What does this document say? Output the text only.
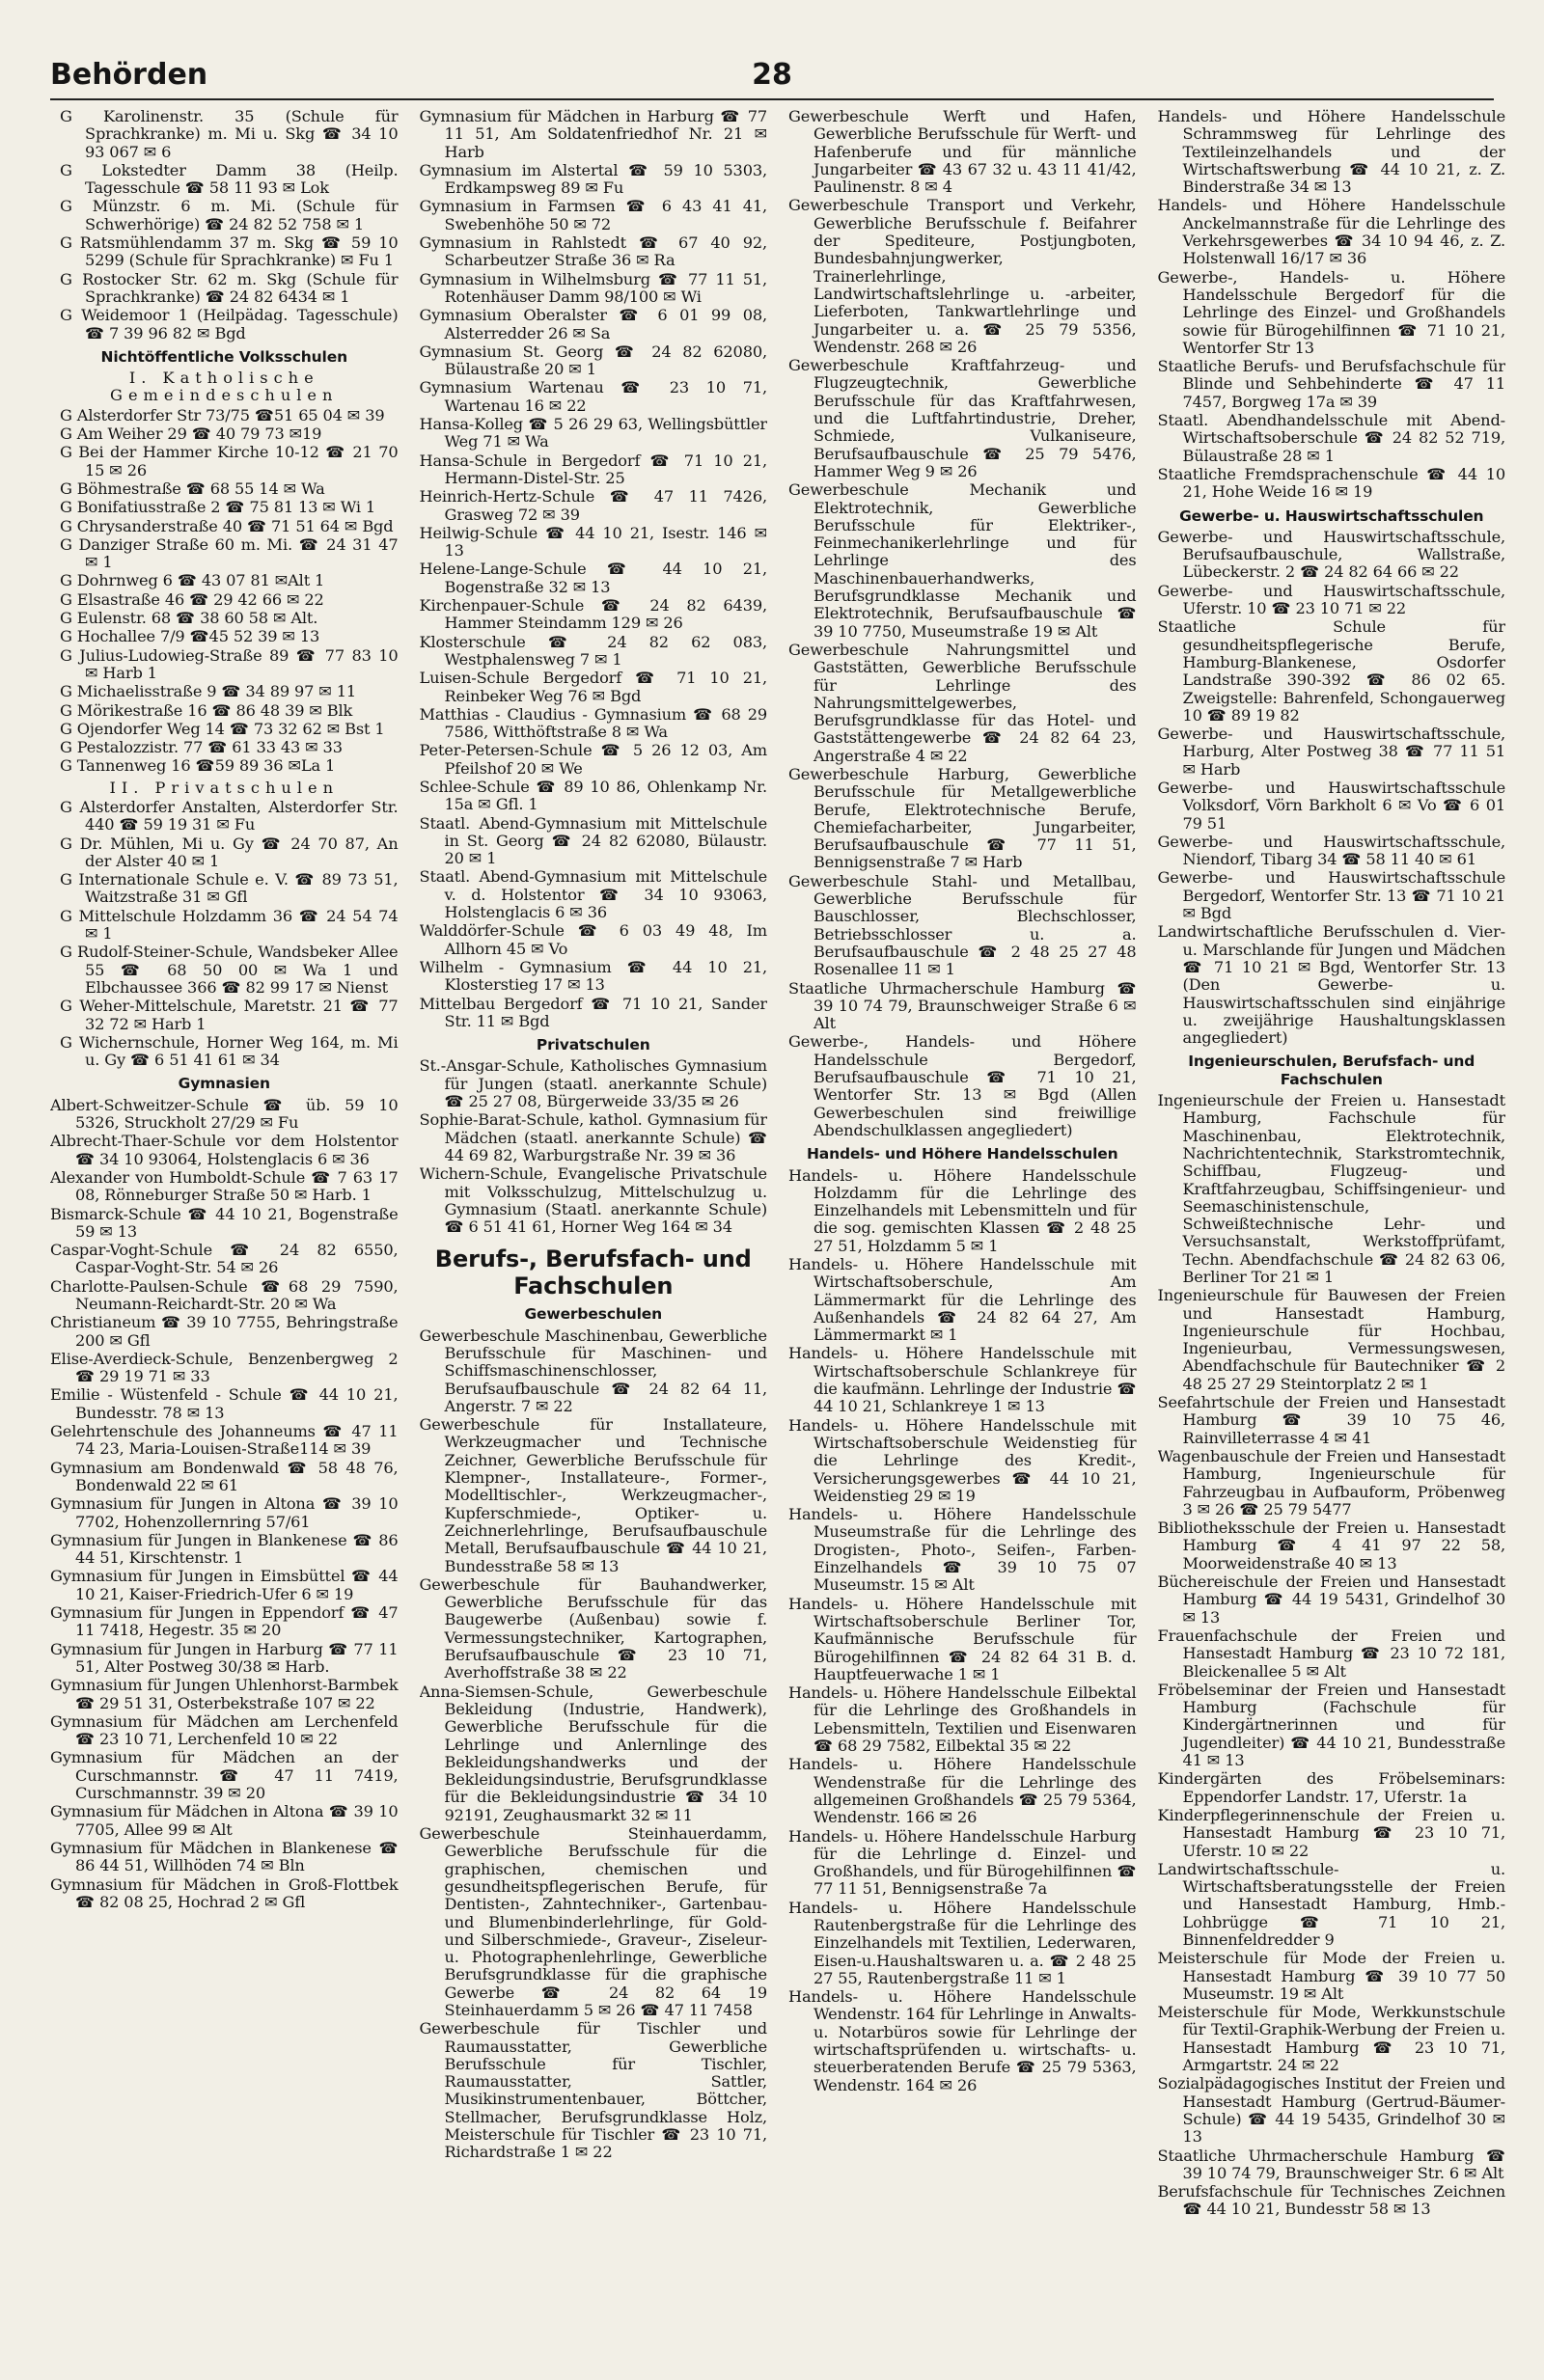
Behörden	28
G Karolinenstr. 35 (Schule für Sprachkranke) m. Mi u. Skg ☎ 34 10 93 067 ✉ 6
G Lokstedter Damm 38 (Heilp. Tagesschule ☎ 58 11 93 ✉ Lok
G Münzstr. 6 m. Mi. (Schule für Schwerhörige) ☎ 24 82 52 758 ✉ 1
G Ratsmühlendamm 37 m. Skg ☎ 59 10 5299 (Schule für Sprachkranke) ✉ Fu 1
G Rostocker Str. 62 m. Skg (Schule für Sprachkranke) ☎ 24 82 6434 ✉ 1
G Weidemoor 1 (Heilpädag. Tagesschule) ☎ 7 39 96 82 ✉ Bgd
Nichtöffentliche Volksschulen
I. Katholische Gemeindeschulen
G Alsterdorfer Str 73/75 ☎51 65 04 ✉ 39
G Am Weiher 29 ☎ 40 79 73 ✉19
G Bei der Hammer Kirche 10-12 ☎ 21 70 15 ✉ 26
G Böhmestraße ☎ 68 55 14 ✉ Wa
G Bonifatiusstraße 2 ☎ 75 81 13 ✉ Wi 1
G Chrysanderstraße 40 ☎ 71 51 64 ✉ Bgd
G Danziger Straße 60 m. Mi. ☎ 24 31 47 ✉ 1
G Dohrnweg 6 ☎ 43 07 81 ✉Alt 1
G Elsastraße 46 ☎ 29 42 66 ✉ 22
G Eulenstr. 68 ☎ 38 60 58 ✉ Alt.
G Hochallee 7/9 ☎45 52 39 ✉ 13
G Julius-Ludowieg-Straße 89 ☎ 77 83 10 ✉ Harb 1
G Michaelisstraße 9 ☎ 34 89 97 ✉ 11
G Mörikestraße 16 ☎ 86 48 39 ✉ Blk
G Ojendorfer Weg 14 ☎ 73 32 62 ✉ Bst 1
G Pestalozzistr. 77 ☎ 61 33 43 ✉ 33
G Tannenweg 16 ☎59 89 36 ✉La 1
II. Privatschulen
G Alsterdorfer Anstalten, Alsterdorfer Str. 440 ☎ 59 19 31 ✉ Fu
G Dr. Mühlen, Mi u. Gy ☎ 24 70 87, An der Alster 40 ✉ 1
G Internationale Schule e. V. ☎ 89 73 51, Waitzstraße 31 ✉ Gfl
G Mittelschule Holzdamm 36 ☎ 24 54 74 ✉ 1
G Rudolf-Steiner-Schule, Wandsbeker Allee 55 ☎ 68 50 00 ✉ Wa 1 und Elbchaussee 366 ☎ 82 99 17 ✉ Nienst
G Weher-Mittelschule, Maretstr. 21 ☎ 77 32 72 ✉ Harb 1
G Wichernschule, Horner Weg 164, m. Mi u. Gy ☎ 6 51 41 61 ✉ 34
Gymnasien
Albert-Schweitzer-Schule ☎ üb. 59 10 5326, Struckholt 27/29 ✉ Fu
Albrecht-Thaer-Schule vor dem Holstentor ☎ 34 10 93064, Holstenglacis 6 ✉ 36
Alexander von Humboldt-Schule ☎ 7 63 17 08, Rönneburger Straße 50 ✉ Harb. 1
Bismarck-Schule ☎ 44 10 21, Bogenstraße 59 ✉ 13
Caspar-Voght-Schule ☎ 24 82 6550, Caspar-Voght-Str. 54 ✉ 26
Charlotte-Paulsen-Schule ☎68 29 7590, Neumann-Reichardt-Str. 20 ✉ Wa
Christianeum ☎ 39 10 7755, Behringstraße 200 ✉ Gfl
Elise-Averdieck-Schule, Benzenbergweg 2 ☎ 29 19 71 ✉ 33
Emilie - Wüstenfeld - Schule ☎ 44 10 21, Bundesstr. 78 ✉ 13
Gelehrtenschule des Johanneums ☎ 47 11 74 23, Maria-Louisen-Straße114 ✉ 39
Gymnasium am Bondenwald ☎ 58 48 76, Bondenwald 22 ✉ 61
Gymnasium für Jungen in Altona ☎ 39 10 7702, Hohenzollernring 57/61
Gymnasium für Jungen in Blankenese ☎ 86 44 51, Kirschtenstr. 1
Gymnasium für Jungen in Eimsbüttel ☎ 44 10 21, Kaiser-Friedrich-Ufer 6 ✉ 19
Gymnasium für Jungen in Eppendorf ☎ 47 11 7418, Hegestr. 35 ✉ 20
Gymnasium für Jungen in Harburg ☎ 77 11 51, Alter Postweg 30/38 ✉ Harb.
Gymnasium für Jungen Uhlenhorst-Barmbek ☎ 29 51 31, Osterbekstraße 107 ✉ 22
Gymnasium für Mädchen am Lerchenfeld ☎ 23 10 71, Lerchenfeld 10 ✉ 22
Gymnasium für Mädchen an der Curschmannstr. ☎ 47 11 7419, Curschmannstr. 39 ✉ 20
Gymnasium für Mädchen in Altona ☎ 39 10 7705, Allee 99 ✉ Alt
Gymnasium für Mädchen in Blankenese ☎ 86 44 51, Willhöden 74 ✉ Bln
Gymnasium für Mädchen in Groß-Flottbek ☎ 82 08 25, Hochrad 2 ✉ Gfl
Gymnasium für Mädchen in Harburg ☎ 77 11 51, Am Soldatenfriedhof Nr. 21 ✉ Harb
Gymnasium im Alstertal ☎ 59 10 5303, Erdkampsweg 89 ✉ Fu
Gymnasium in Farmsen ☎ 6 43 41 41, Swebenhöhe 50 ✉ 72
Gymnasium in Rahlstedt ☎ 67 40 92, Scharbeutzer Straße 36 ✉ Ra
Gymnasium in Wilhelmsburg ☎ 77 11 51, Rotenhäuser Damm 98/100 ✉ Wi
Gymnasium Oberalster ☎ 6 01 99 08, Alsterredder 26 ✉ Sa
Gymnasium St. Georg ☎ 24 82 62080, Bülaustraße 20 ✉ 1
Gymnasium Wartenau ☎ 23 10 71, Wartenau 16 ✉ 22
Hansa-Kolleg ☎ 5 26 29 63, Wellingsbüttler Weg 71 ✉ Wa
Hansa-Schule in Bergedorf ☎ 71 10 21, Hermann-Distel-Str. 25
Heinrich-Hertz-Schule ☎ 47 11 7426, Grasweg 72 ✉ 39
Heilwig-Schule ☎ 44 10 21, Isestr. 146 ✉ 13
Helene-Lange-Schule ☎ 44 10 21, Bogenstraße 32 ✉ 13
Kirchenpauer-Schule ☎ 24 82 6439, Hammer Steindamm 129 ✉ 26
Klosterschule ☎ 24 82 62 083, Westphalensweg 7 ✉ 1
Luisen-Schule Bergedorf ☎ 71 10 21, Reinbeker Weg 76 ✉ Bgd
Matthias - Claudius - Gymnasium ☎ 68 29 7586, Witthöftstraße 8 ✉ Wa
Peter-Petersen-Schule ☎ 5 26 12 03, Am Pfeilshof 20 ✉ We
Schlee-Schule ☎ 89 10 86, Ohlenkamp Nr. 15a ✉ Gfl. 1
Staatl. Abend-Gymnasium mit Mittelschule in St. Georg ☎ 24 82 62080, Bülaustr. 20 ✉ 1
Staatl. Abend-Gymnasium mit Mittelschule v. d. Holstentor ☎ 34 10 93063, Holstenglacis 6 ✉ 36
Walddörfer-Schule ☎ 6 03 49 48, Im Allhorn 45 ✉ Vo
Wilhelm - Gymnasium ☎ 44 10 21, Klosterstieg 17 ✉ 13
Mittelbau Bergedorf ☎ 71 10 21, Sander Str. 11 ✉ Bgd
Privatschulen
St.-Ansgar-Schule, Katholisches Gymnasium für Jungen (staatl. anerkannte Schule) ☎ 25 27 08, Bürgerweide 33/35 ✉ 26
Sophie-Barat-Schule, kathol. Gymnasium für Mädchen (staatl. anerkannte Schule) ☎ 44 69 82, Warburgstraße Nr. 39 ✉ 36
Wichern-Schule, Evangelische Privatschule mit Volksschulzug, Mittelschulzug u. Gymnasium (Staatl. anerkannte Schule) ☎ 6 51 41 61, Horner Weg 164 ✉ 34
Berufs-, Berufsfach- und Fachschulen
Gewerbeschulen
Gewerbeschule Maschinenbau, Gewerbliche Berufsschule für Maschinen- und Schiffsmaschinenschlosser, Berufsaufbauschule ☎ 24 82 64 11, Angerstr. 7 ✉ 22
Gewerbeschule für Installateure, Werkzeugmacher und Technische Zeichner, Gewerbliche Berufsschule für Klempner-, Installateure-, Former-, Modelltischler-, Werkzeugmacher-, Kupferschmiede-, Optiker- u. Zeichnerlehrlinge, Berufsaufbauschule Metall, Berufsaufbauschule ☎ 44 10 21, Bundesstraße 58 ✉ 13
Gewerbeschule für Bauhandwerker, Gewerbliche Berufsschule für das Baugewerbe (Außenbau) sowie f. Vermessungstechniker, Kartographen, Berufsaufbauschule ☎ 23 10 71, Averhoffstraße 38 ✉ 22
Anna-Siemsen-Schule, Gewerbeschule Bekleidung (Industrie, Handwerk), Gewerbliche Berufsschule für die Lehrlinge und Anlernlinge des Bekleidungshandwerks und der Bekleidungsindustrie, Berufsgrundklasse für die Bekleidungsindustrie ☎ 34 10 92191, Zeughausmarkt 32 ✉ 11
Gewerbeschule Steinhauerdamm, Gewerbliche Berufsschule für die graphischen, chemischen und gesundheitspflegerischen Berufe, für Dentisten-, Zahntechniker-, Gartenbau- und Blumenbinderlehrlinge, für Gold- und Silberschmiede-, Graveur-, Ziseleur- u. Photographenlehrlinge, Gewerbliche Berufsgrundklasse für die graphische Gewerbe ☎ 24 82 64 19 Steinhauerdamm 5 ✉ 26 ☎ 47 11 7458
Gewerbeschule für Tischler und Raumausstatter, Gewerbliche Berufsschule für Tischler, Raumausstatter, Sattler, Musikinstrumentenbauer, Böttcher, Stellmacher, Berufsgrundklasse Holz, Meisterschule für Tischler ☎ 23 10 71, Richardstraße 1 ✉ 22
Gewerbeschule Werft und Hafen, Gewerbliche Berufsschule für Werft- und Hafenberufe und für männliche Jungarbeiter ☎ 43 67 32 u. 43 11 41/42, Paulinenstr. 8 ✉ 4
Gewerbeschule Transport und Verkehr, Gewerbliche Berufsschule f. Beifahrer der Spediteure, Postjungboten, Bundesbahnjungwerker, Trainerlehrlinge, Landwirtschaftslehrlinge u. -arbeiter, Lieferboten, Tankwartlehrlinge und Jungarbeiter u. a. ☎ 25 79 5356, Wendenstr. 268 ✉ 26
Gewerbeschule Kraftfahrzeug- und Flugzeugtechnik, Gewerbliche Berufsschule für das Kraftfahrwesen, und die Luftfahrtindustrie, Dreher, Schmiede, Vulkaniseure, Berufsaufbauschule ☎ 25 79 5476, Hammer Weg 9 ✉ 26
Gewerbeschule Mechanik und Elektrotechnik, Gewerbliche Berufsschule für Elektriker-, Feinmechanikerlehrlinge und für Lehrlinge des Maschinenbauerhandwerks, Berufsgrundklasse Mechanik und Elektrotechnik, Berufsaufbauschule ☎ 39 10 7750, Museumstraße 19 ✉ Alt
Gewerbeschule Nahrungsmittel und Gaststätten, Gewerbliche Berufsschule für Lehrlinge des Nahrungsmittelgewerbes, Berufsgrundklasse für das Hotel- und Gaststättengewerbe ☎ 24 82 64 23, Angerstraße 4 ✉ 22
Gewerbeschule Harburg, Gewerbliche Berufsschule für Metallgewerbliche Berufe, Elektrotechnische Berufe, Chemiefacharbeiter, Jungarbeiter, Berufsaufbauschule ☎ 77 11 51, Bennigsenstraße 7 ✉ Harb
Gewerbeschule Stahl- und Metallbau, Gewerbliche Berufsschule für Bauschlosser, Blechschlosser, Betriebsschlosser u. a. Berufsaufbauschule ☎ 2 48 25 27 48 Rosenallee 11 ✉ 1
Staatliche Uhrmacherschule Hamburg ☎ 39 10 74 79, Braunschweiger Straße 6 ✉ Alt
Gewerbe-, Handels- und Höhere Handelsschule Bergedorf, Berufsaufbauschule ☎ 71 10 21, Wentorfer Str. 13 ✉ Bgd (Allen Gewerbeschulen sind freiwillige Abendschulklassen angegliedert)
Handels- und Höhere Handelsschulen
Handels- u. Höhere Handelsschule Holzdamm für die Lehrlinge des Einzelhandels mit Lebensmitteln und für die sog. gemischten Klassen ☎ 2 48 25 27 51, Holzdamm 5 ✉ 1
Handels- u. Höhere Handelsschule mit Wirtschaftsoberschule, Am Lämmermarkt für die Lehrlinge des Außenhandels ☎ 24 82 64 27, Am Lämmermarkt ✉ 1
Handels- u. Höhere Handelsschule mit Wirtschaftsoberschule Schlankreye für die kaufmänn. Lehrlinge der Industrie ☎ 44 10 21, Schlankreye 1 ✉ 13
Handels- u. Höhere Handelsschule mit Wirtschaftsoberschule Weidenstieg für die Lehrlinge des Kredit-, Versicherungsgewerbes ☎ 44 10 21, Weidenstieg 29 ✉ 19
Handels- u. Höhere Handelsschule Museumstraße für die Lehrlinge des Drogisten-, Photo-, Seifen-, Farben-Einzelhandels ☎ 39 10 75 07 Museumstr. 15 ✉ Alt
Handels- u. Höhere Handelsschule mit Wirtschaftsoberschule Berliner Tor, Kaufmännische Berufsschule für Bürogehilfinnen ☎ 24 82 64 31 B. d. Hauptfeuerwache 1 ✉ 1
Handels- u. Höhere Handelsschule Eilbektal für die Lehrlinge des Großhandels in Lebensmitteln, Textilien und Eisenwaren ☎ 68 29 7582, Eilbektal 35 ✉ 22
Handels- u. Höhere Handelsschule Wendenstraße für die Lehrlinge des allgemeinen Großhandels ☎ 25 79 5364, Wendenstr. 166 ✉ 26
Handels- u. Höhere Handelsschule Harburg für die Lehrlinge d. Einzel- und Großhandels, und für Bürogehilfinnen ☎ 77 11 51, Bennigsenstraße 7a
Handels- u. Höhere Handelsschule Rautenbergstraße für die Lehrlinge des Einzelhandels mit Textilien, Lederwaren, Eisen-u.Haushaltswaren u. a. ☎ 2 48 25 27 55, Rautenbergstraße 11 ✉ 1
Handels- u. Höhere Handelsschule Wendenstr. 164 für Lehrlinge in Anwalts- u. Notarbüros sowie für Lehrlinge der wirtschaftsprüfenden u. wirtschafts- u. steuerberatenden Berufe ☎ 25 79 5363, Wendenstr. 164 ✉ 26
Handels- und Höhere Handelsschule Schrammsweg für Lehrlinge des Textileinzelhandels und der Wirtschaftswerbung ☎ 44 10 21, z. Z. Binderstraße 34 ✉ 13
Handels- und Höhere Handelsschule Anckelmannstraße für die Lehrlinge des Verkehrsgewerbes ☎ 34 10 94 46, z. Z. Holstenwall 16/17 ✉ 36
Gewerbe-, Handels- u. Höhere Handelsschule Bergedorf für die Lehrlinge des Einzel- und Großhandels sowie für Bürogehilfinnen ☎ 71 10 21, Wentorfer Str 13
Staatliche Berufs- und Berufsfachschule für Blinde und Sehbehinderte ☎ 47 11 7457, Borgweg 17a ✉ 39
Staatl. Abendhandelsschule mit Abend-Wirtschaftsoberschule ☎ 24 82 52 719, Bülaustraße 28 ✉ 1
Staatliche Fremdsprachenschule ☎ 44 10 21, Hohe Weide 16 ✉ 19
Gewerbe- u. Hauswirtschaftsschulen
Gewerbe- und Hauswirtschaftsschule, Berufsaufbauschule, Wallstraße, Lübeckerstr. 2 ☎ 24 82 64 66 ✉ 22
Gewerbe- und Hauswirtschaftsschule, Uferstr. 10 ☎ 23 10 71 ✉ 22
Staatliche Schule für gesundheitspflegerische Berufe, Hamburg-Blankenese, Osdorfer Landstraße 390-392 ☎ 86 02 65. Zweigstelle: Bahrenfeld, Schongauerweg 10 ☎ 89 19 82
Gewerbe- und Hauswirtschaftsschule, Harburg, Alter Postweg 38 ☎ 77 11 51 ✉ Harb
Gewerbe- und Hauswirtschaftsschule Volksdorf, Vörn Barkholt 6 ✉ Vo ☎ 6 01 79 51
Gewerbe- und Hauswirtschaftsschule, Niendorf, Tibarg 34 ☎ 58 11 40 ✉ 61
Gewerbe- und Hauswirtschaftsschule Bergedorf, Wentorfer Str. 13 ☎ 71 10 21 ✉ Bgd
Landwirtschaftliche Berufsschulen d. Vier- u. Marschlande für Jungen und Mädchen ☎ 71 10 21 ✉ Bgd, Wentorfer Str. 13 (Den Gewerbe- u. Hauswirtschaftsschulen sind einjährige u. zweijährige Haushaltungsklassen angegliedert)
Ingenieurschulen, Berufsfach- und Fachschulen
Ingenieurschule der Freien u. Hansestadt Hamburg, Fachschule für Maschinenbau, Elektrotechnik, Nachrichtentechnik, Starkstromtechnik, Schiffbau, Flugzeug- und Kraftfahrzeugbau, Schiffsingenieur- und Seemaschinistenschule, Schweißtechnische Lehr- und Versuchsanstalt, Werkstoffprüfamt, Techn. Abendfachschule ☎ 24 82 63 06, Berliner Tor 21 ✉ 1
Ingenieurschule für Bauwesen der Freien und Hansestadt Hamburg, Ingenieurschule für Hochbau, Ingenieurbau, Vermessungswesen, Abendfachschule für Bautechniker ☎ 2 48 25 27 29 Steintorplatz 2 ✉ 1
Seefahrtschule der Freien und Hansestadt Hamburg ☎ 39 10 75 46, Rainvilleterrasse 4 ✉ 41
Wagenbauschule der Freien und Hansestadt Hamburg, Ingenieurschule für Fahrzeugbau in Aufbauform, Pröbenweg 3 ✉ 26 ☎ 25 79 5477
Bibliotheksschule der Freien u. Hansestadt Hamburg ☎ 4 41 97 22 58, Moorweidenstraße 40 ✉ 13
Büchereischule der Freien und Hansestadt Hamburg ☎ 44 19 5431, Grindelhof 30 ✉ 13
Frauenfachschule der Freien und Hansestadt Hamburg ☎ 23 10 72 181, Bleickenallee 5 ✉ Alt
Fröbelseminar der Freien und Hansestadt Hamburg (Fachschule für Kindergärtnerinnen und für Jugendleiter) ☎ 44 10 21, Bundesstraße 41 ✉ 13
Kindergärten des Fröbelseminars: Eppendorfer Landstr. 17, Uferstr. 1a
Kinderpflegerinnenschule der Freien u. Hansestadt Hamburg ☎ 23 10 71, Uferstr. 10 ✉ 22
Landwirtschaftsschule- u. Wirtschaftsberatungsstelle der Freien und Hansestadt Hamburg, Hmb.-Lohbrügge ☎ 71 10 21, Binnenfeldredder 9
Meisterschule für Mode der Freien u. Hansestadt Hamburg ☎ 39 10 77 50 Museumstr. 19 ✉ Alt
Meisterschule für Mode, Werkkunstschule für Textil-Graphik-Werbung der Freien u. Hansestadt Hamburg ☎ 23 10 71, Armgartstr. 24 ✉ 22
Sozialpädagogisches Institut der Freien und Hansestadt Hamburg (Gertrud-Bäumer-Schule) ☎ 44 19 5435, Grindelhof 30 ✉ 13
Staatliche Uhrmacherschule Hamburg ☎ 39 10 74 79, Braunschweiger Str. 6 ✉ Alt
Berufsfachschule für Technisches Zeichnen ☎ 44 10 21, Bundesstr 58 ✉ 13
